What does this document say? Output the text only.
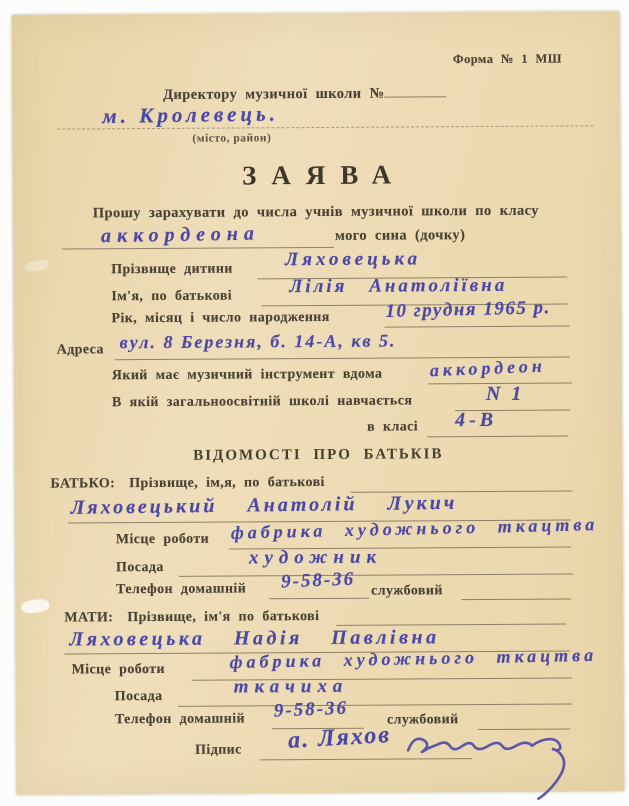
Форма № 1 МШ
Директору музичної школи №
м. Кролевець.
(місто, район)
ЗАЯВА
Прошу зарахувати до числа учнів музичної школи по класу
аккордеона	мого сина (дочку)
Прізвище дитини	Ляховецька
Ім'я, по батькові	Лілія Анатоліївна
Рік, місяц і число народження	10 грудня 1965 р.
Адреса вул. 8 Березня, б. 14-А, кв 5.
Який має музичний інструмент вдома	аккордеон
В якій загальноосвітній школі навчається	N 1
в класі 4-В
ВІДОМОСТІ ПРО БАТЬКІВ
БАТЬКО: Прізвище, ім,я, по батькові
Ляховецький Анатолій Лукич
Місце роботи фабрика художнього ткацтва
Посада	художник
Телефон домашній 9-58-36 службовий
МАТИ: Прізвище, ім'я по батькові
Ляховецька Надія Павлівна
Місце роботи	фабрика художнього ткацтва
Посада	ткачиха
Телефон домашній 9-58-36	службовий
Підпис а. Ляхов
